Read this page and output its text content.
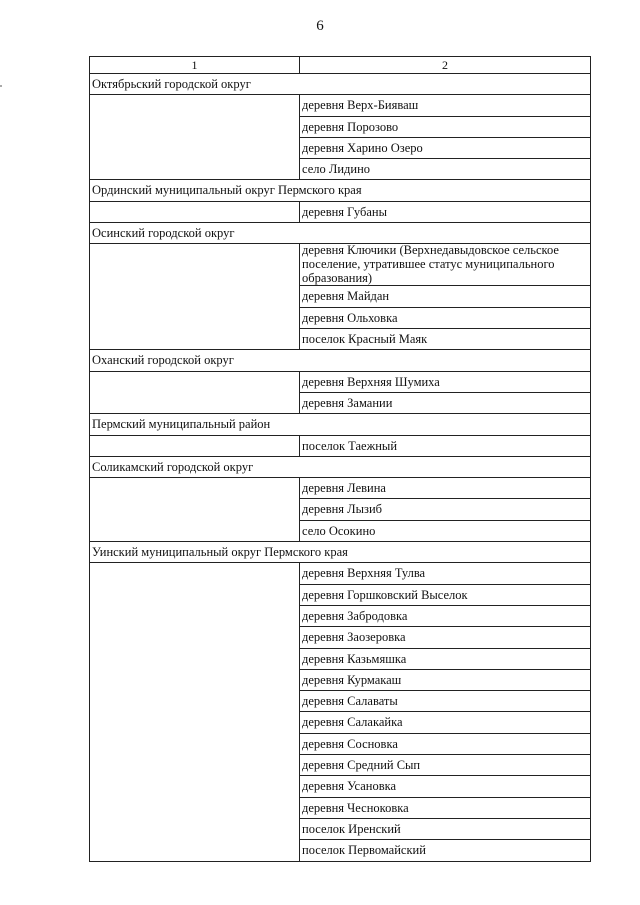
6
1	2
Октябрьский городской округ	
	деревня Верх-Бияваш
	деревня Порозово
	деревня Харино Озеро
	село Лидино
Ординский муниципальный округ Пермского края	
	деревня Губаны
Осинский городской округ	
	деревня Ключики (Верхнедавыдовское сельское поселение, утратившее статус муниципального образования)
	деревня Майдан
	деревня Ольховка
	поселок Красный Маяк
Оханский городской округ	
	деревня Верхняя Шумиха
	деревня Замании
Пермский муниципальный район	
	поселок Таежный
Соликамский городской округ	
	деревня Левина
	деревня Лызиб
	село Осокино
Уинский муниципальный округ Пермского края	
	деревня Верхняя Тулва
	деревня Горшковский Выселок
	деревня Забродовка
	деревня Заозеровка
	деревня Казьмяшка
	деревня Курмакаш
	деревня Салаваты
	деревня Салакайка
	деревня Сосновка
	деревня Средний Сып
	деревня Усановка
	деревня Чесноковка
	поселок Иренский
	поселок Первомайский
